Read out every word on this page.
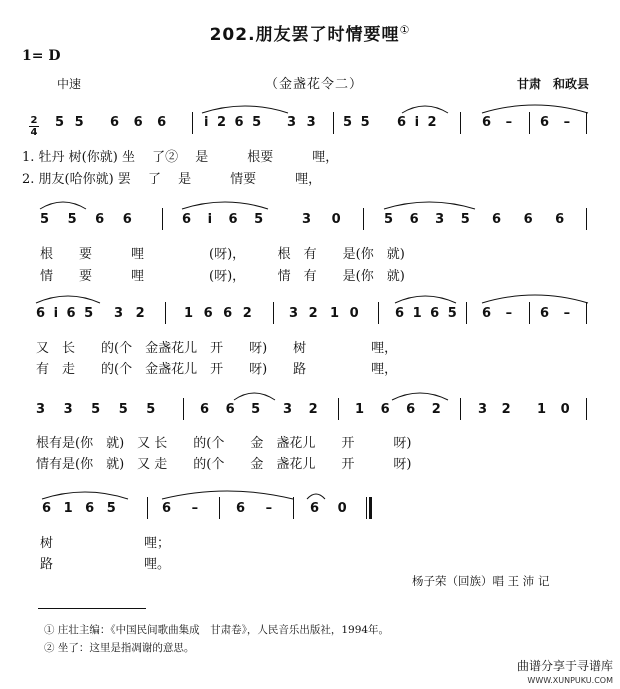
202.朋友罢了时情要哩①
1= D
中速	（金盏花令二）	甘肃　和政县
2
4
5 5 6 6 6	i 2 6 5 3 3 5 5 6 i 2	6 – 6 –
1. 牡丹 树(你就) 坐　 了②　 是　　　根要　　　哩，
2. 朋友(哈你就) 罢　 了　 是　　　情要　　　哩，
5 5 6 6	6 i 6 5	3 0	5 6 3 5 6 6 6
根　　要　　　哩　　　　　(呀)，　　　根　有　　是(你　就)
情　　要　　　哩　　　　　(呀)，　　　情　有　　是(你　就)
6 i 6 5 3 2	1 6 6 2	3 2 1 0	6 1 6 5 6 – 6 –
又　长　　的(个　金盏花儿　开　　呀)　　树　　　　　哩，
有　走　　的(个　金盏花儿　开　　呀)　　路　　　　　哩，
3 3 5 5 5	6 6 5 3 2	1 6 6 2	3 2 1 0
根有是(你　就)　又 长　　的(个　　金　盏花儿　　开　　　呀)
情有是(你　就)　又 走　　的(个　　金　盏花儿　　开　　　呀)
6 1 6 5	6 –	6 –	6 0
树　　　　　　　哩；
路　　　　　　　哩。
杨子荣（回族）唱 王 沛 记
① 庄壮主编：《中国民间歌曲集成　甘肃卷》，人民音乐出版社，1994年。
② 坐了：这里是指凋谢的意思。
曲谱分享于寻谱库
WWW.XUNPUKU.COM
